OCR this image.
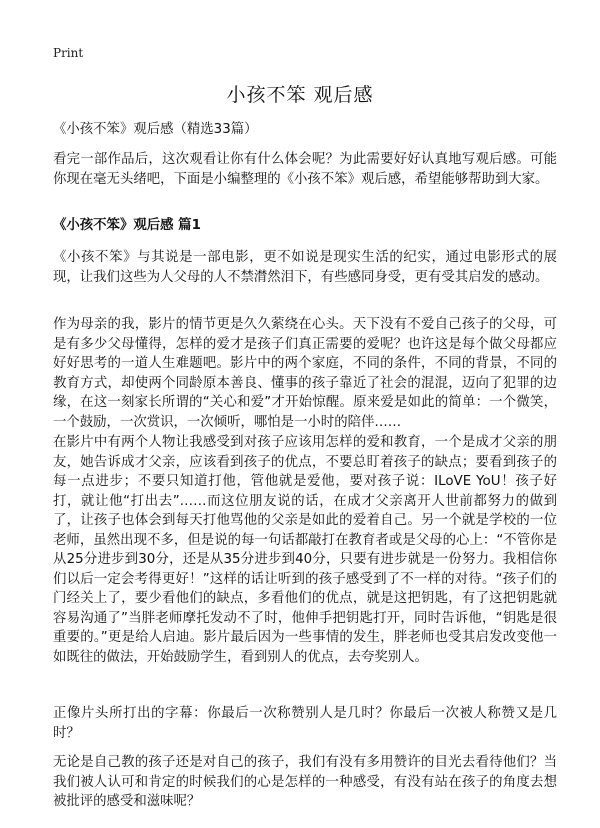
Print
小孩不笨 观后感
《小孩不笨》观后感（精选33篇）
看完一部作品后，这次观看让你有什么体会呢？为此需要好好认真地写观后感。可能你现在毫无头绪吧，下面是小编整理的《小孩不笨》观后感，希望能够帮助到大家。
《小孩不笨》观后感 篇1
《小孩不笨》与其说是一部电影，更不如说是现实生活的纪实，通过电影形式的展现，让我们这些为人父母的人不禁潸然泪下，有些感同身受，更有受其启发的感动。
作为母亲的我，影片的情节更是久久萦绕在心头。天下没有不爱自己孩子的父母，可是有多少父母懂得，怎样的爱才是孩子们真正需要的爱呢？也许这是每个做父母都应好好思考的一道人生难题吧。影片中的两个家庭，不同的条件，不同的背景，不同的教育方式，却使两个同龄原本善良、懂事的孩子靠近了社会的混混，迈向了犯罪的边缘，在这一刻家长所谓的“关心和爱”才开始惊醒。原来爱是如此的简单：一个微笑，一个鼓励，一次赏识，一次倾听，哪怕是一小时的陪伴……
在影片中有两个人物让我感受到对孩子应该用怎样的爱和教育，一个是成才父亲的朋友，她告诉成才父亲，应该看到孩子的优点，不要总盯着孩子的缺点；要看到孩子的每一点进步；不要只知道打他，管他就是爱他，要对孩子说：ILoVE YoU！孩子好打，就让他“打出去”……而这位朋友说的话，在成才父亲离开人世前都努力的做到了，让孩子也体会到每天打他骂他的父亲是如此的爱着自己。另一个就是学校的一位老师，虽然出现不多，但是说的每一句话都敲打在教育者或是父母的心上：“不管你是从25分进步到30分，还是从35分进步到40分，只要有进步就是一份努力。我相信你们以后一定会考得更好！”这样的话让听到的孩子感受到了不一样的对待。“孩子们的门经关上了，要少看他们的缺点，多看他们的优点，就是这把钥匙，有了这把钥匙就容易沟通了”当胖老师摩托发动不了时，他伸手把钥匙打开，同时告诉他，“钥匙是很重要的。”更是给人启迪。影片最后因为一些事情的发生，胖老师也受其启发改变他一如既往的做法，开始鼓励学生，看到别人的优点，去夸奖别人。
正像片头所打出的字幕：你最后一次称赞别人是几时？你最后一次被人称赞又是几时？
无论是自己教的孩子还是对自己的孩子，我们有没有多用赞许的目光去看待他们？当我们被人认可和肯定的时候我们的心是怎样的一种感受，有没有站在孩子的角度去想被批评的感受和滋味呢？
